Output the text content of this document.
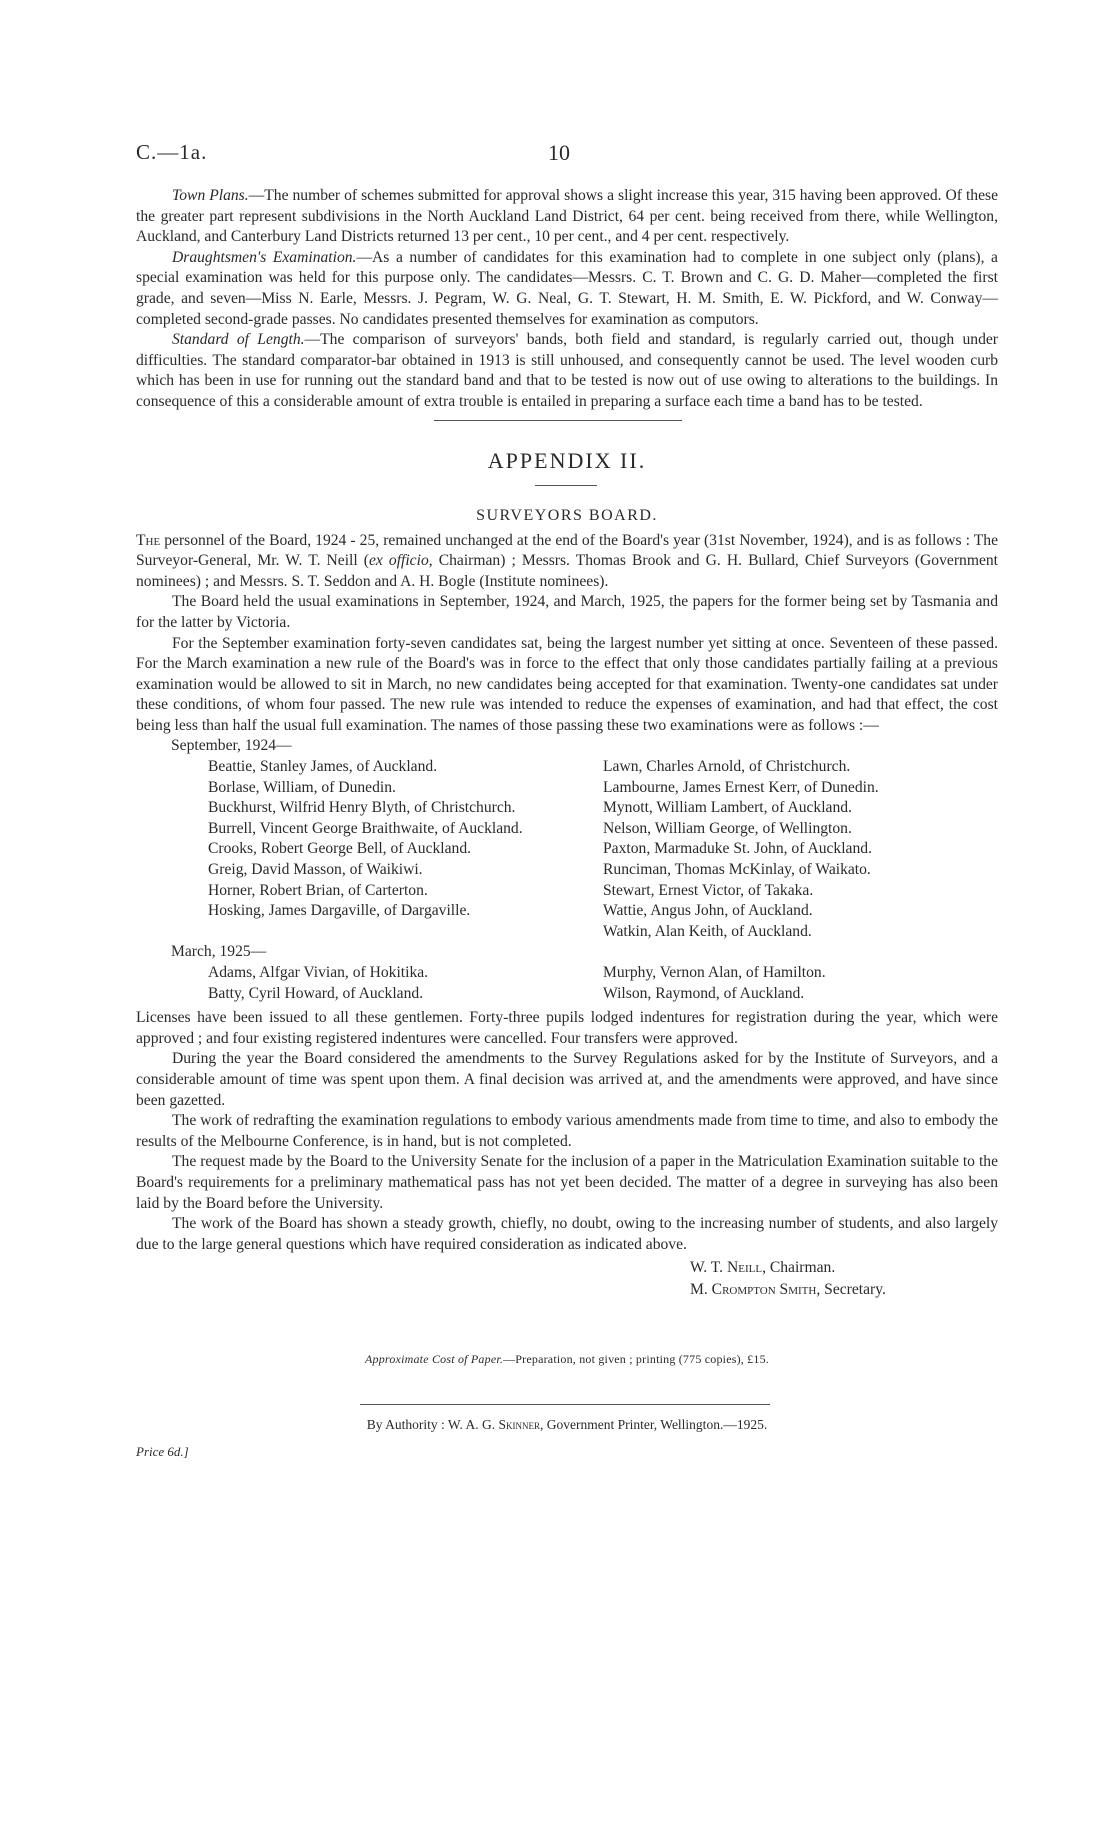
C.—1a.	10

Town Plans.—The number of schemes submitted for approval shows a slight increase this year, 315 having been approved. Of these the greater part represent subdivisions in the North Auckland Land District, 64 per cent. being received from there, while Wellington, Auckland, and Canterbury Land Districts returned 13 per cent., 10 per cent., and 4 per cent. respectively.

Draughtsmen's Examination.—As a number of candidates for this examination had to complete in one subject only (plans), a special examination was held for this purpose only. The candidates—Messrs. C. T. Brown and C. G. D. Maher—completed the first grade, and seven—Miss N. Earle, Messrs. J. Pegram, W. G. Neal, G. T. Stewart, H. M. Smith, E. W. Pickford, and W. Conway—completed second-grade passes. No candidates presented themselves for examination as computors.

Standard of Length.—The comparison of surveyors' bands, both field and standard, is regularly carried out, though under difficulties. The standard comparator-bar obtained in 1913 is still unhoused, and consequently cannot be used. The level wooden curb which has been in use for running out the standard band and that to be tested is now out of use owing to alterations to the buildings. In consequence of this a considerable amount of extra trouble is entailed in preparing a surface each time a band has to be tested.

APPENDIX II.
SURVEYORS BOARD.

The personnel of the Board, 1924 - 25, remained unchanged at the end of the Board's year (31st November, 1924), and is as follows : The Surveyor-General, Mr. W. T. Neill (ex officio, Chairman) ; Messrs. Thomas Brook and G. H. Bullard, Chief Surveyors (Government nominees) ; and Messrs. S. T. Seddon and A. H. Bogle (Institute nominees).

The Board held the usual examinations in September, 1924, and March, 1925, the papers for the former being set by Tasmania and for the latter by Victoria.

For the September examination forty-seven candidates sat, being the largest number yet sitting at once. Seventeen of these passed. For the March examination a new rule of the Board's was in force to the effect that only those candidates partially failing at a previous examination would be allowed to sit in March, no new candidates being accepted for that examination. Twenty-one candidates sat under these conditions, of whom four passed. The new rule was intended to reduce the expenses of examination, and had that effect, the cost being less than half the usual full examination. The names of those passing these two examinations were as follows :—

September, 1924—
Beattie, Stanley James, of Auckland.
Borlase, William, of Dunedin.
Buckhurst, Wilfrid Henry Blyth, of Christchurch.
Burrell, Vincent George Braithwaite, of Auckland.
Crooks, Robert George Bell, of Auckland.
Greig, David Masson, of Waikiwi.
Horner, Robert Brian, of Carterton.
Hosking, James Dargaville, of Dargaville.
Lawn, Charles Arnold, of Christchurch.
Lambourne, James Ernest Kerr, of Dunedin.
Mynott, William Lambert, of Auckland.
Nelson, William George, of Wellington.
Paxton, Marmaduke St. John, of Auckland.
Runciman, Thomas McKinlay, of Waikato.
Stewart, Ernest Victor, of Takaka.
Wattie, Angus John, of Auckland.
Watkin, Alan Keith, of Auckland.
March, 1925—
Adams, Alfgar Vivian, of Hokitika.
Batty, Cyril Howard, of Auckland.
Murphy, Vernon Alan, of Hamilton.
Wilson, Raymond, of Auckland.

Licenses have been issued to all these gentlemen. Forty-three pupils lodged indentures for registration during the year, which were approved ; and four existing registered indentures were cancelled. Four transfers were approved.

During the year the Board considered the amendments to the Survey Regulations asked for by the Institute of Surveyors, and a considerable amount of time was spent upon them. A final decision was arrived at, and the amendments were approved, and have since been gazetted.

The work of redrafting the examination regulations to embody various amendments made from time to time, and also to embody the results of the Melbourne Conference, is in hand, but is not completed.

The request made by the Board to the University Senate for the inclusion of a paper in the Matriculation Examination suitable to the Board's requirements for a preliminary mathematical pass has not yet been decided. The matter of a degree in surveying has also been laid by the Board before the University.

The work of the Board has shown a steady growth, chiefly, no doubt, owing to the increasing number of students, and also largely due to the large general questions which have required consideration as indicated above.

W. T. Neill, Chairman.
M. Crompton Smith, Secretary.
Approximate Cost of Paper.—Preparation, not given ; printing (775 copies), £15.
By Authority : W. A. G. Skinner, Government Printer, Wellington.—1925.
Price 6d.]
